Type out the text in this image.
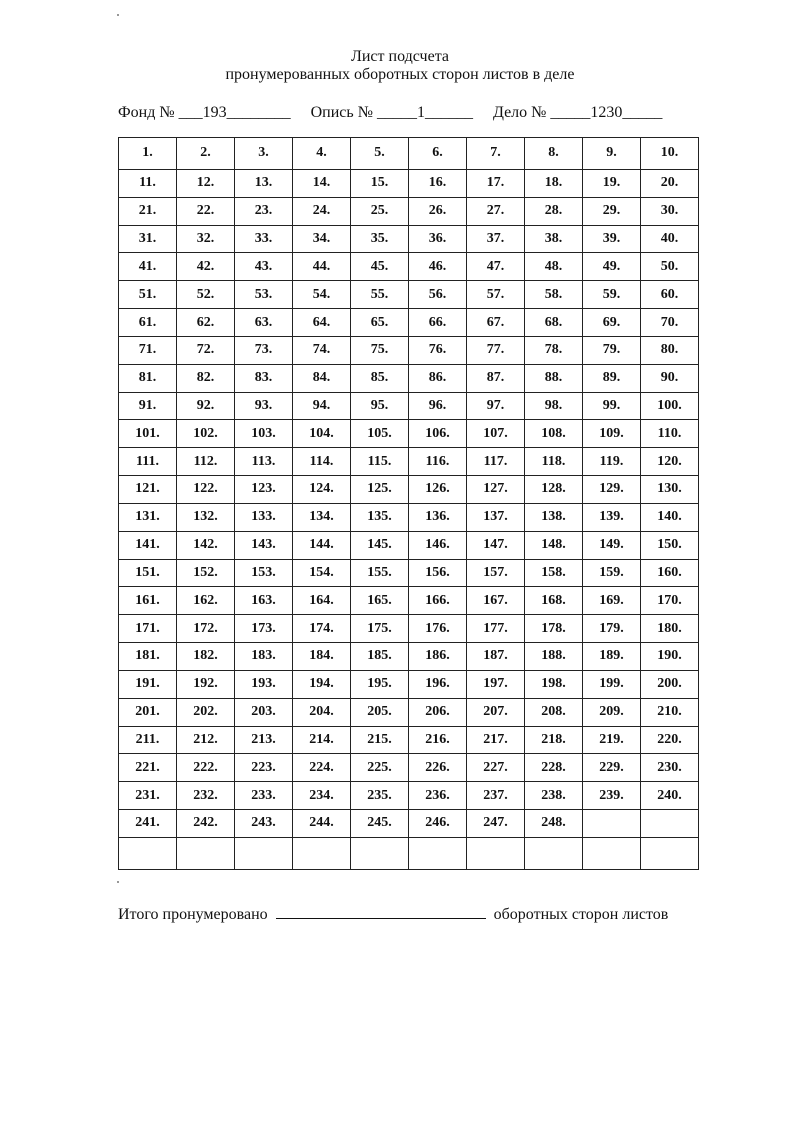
Лист подсчета
пронумерованных оборотных сторон листов в деле
Фонд № ___193________ Опись № _____1______ Дело № _____1230_____
1.	2.	3.	4.	5.	6.	7.	8.	9.	10.
11.	12.	13.	14.	15.	16.	17.	18.	19.	20.
21.	22.	23.	24.	25.	26.	27.	28.	29.	30.
31.	32.	33.	34.	35.	36.	37.	38.	39.	40.
41.	42.	43.	44.	45.	46.	47.	48.	49.	50.
51.	52.	53.	54.	55.	56.	57.	58.	59.	60.
61.	62.	63.	64.	65.	66.	67.	68.	69.	70.
71.	72.	73.	74.	75.	76.	77.	78.	79.	80.
81.	82.	83.	84.	85.	86.	87.	88.	89.	90.
91.	92.	93.	94.	95.	96.	97.	98.	99.	100.
101.	102.	103.	104.	105.	106.	107.	108.	109.	110.
111.	112.	113.	114.	115.	116.	117.	118.	119.	120.
121.	122.	123.	124.	125.	126.	127.	128.	129.	130.
131.	132.	133.	134.	135.	136.	137.	138.	139.	140.
141.	142.	143.	144.	145.	146.	147.	148.	149.	150.
151.	152.	153.	154.	155.	156.	157.	158.	159.	160.
161.	162.	163.	164.	165.	166.	167.	168.	169.	170.
171.	172.	173.	174.	175.	176.	177.	178.	179.	180.
181.	182.	183.	184.	185.	186.	187.	188.	189.	190.
191.	192.	193.	194.	195.	196.	197.	198.	199.	200.
201.	202.	203.	204.	205.	206.	207.	208.	209.	210.
211.	212.	213.	214.	215.	216.	217.	218.	219.	220.
221.	222.	223.	224.	225.	226.	227.	228.	229.	230.
231.	232.	233.	234.	235.	236.	237.	238.	239.	240.
241.	242.	243.	244.	245.	246.	247.	248.		

Итого пронумеровано	оборотных сторон листов
